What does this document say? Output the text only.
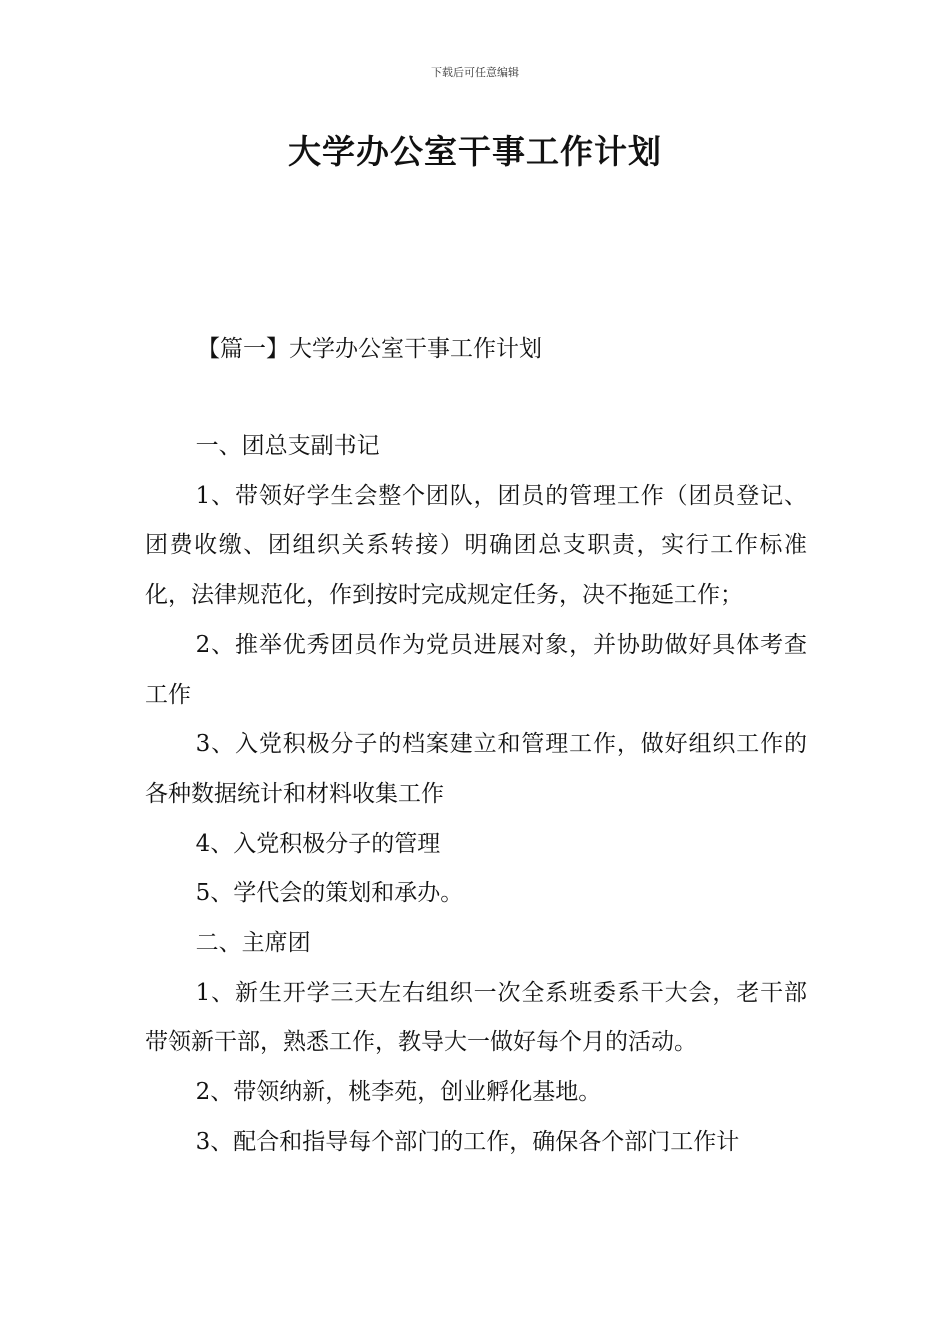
下载后可任意编辑
大学办公室干事工作计划
【篇一】大学办公室干事工作计划

一、团总支副书记

1、带领好学生会整个团队，团员的管理工作（团员登记、团费收缴、团组织关系转接）明确团总支职责，实行工作标准化，法律规范化，作到按时完成规定任务，决不拖延工作；

2、推举优秀团员作为党员进展对象，并协助做好具体考查工作

3、入党积极分子的档案建立和管理工作，做好组织工作的各种数据统计和材料收集工作

4、入党积极分子的管理

5、学代会的策划和承办。

二、主席团

1、新生开学三天左右组织一次全系班委系干大会，老干部带领新干部，熟悉工作，教导大一做好每个月的活动。

2、带领纳新，桃李苑，创业孵化基地。

3、配合和指导每个部门的工作，确保各个部门工作计
